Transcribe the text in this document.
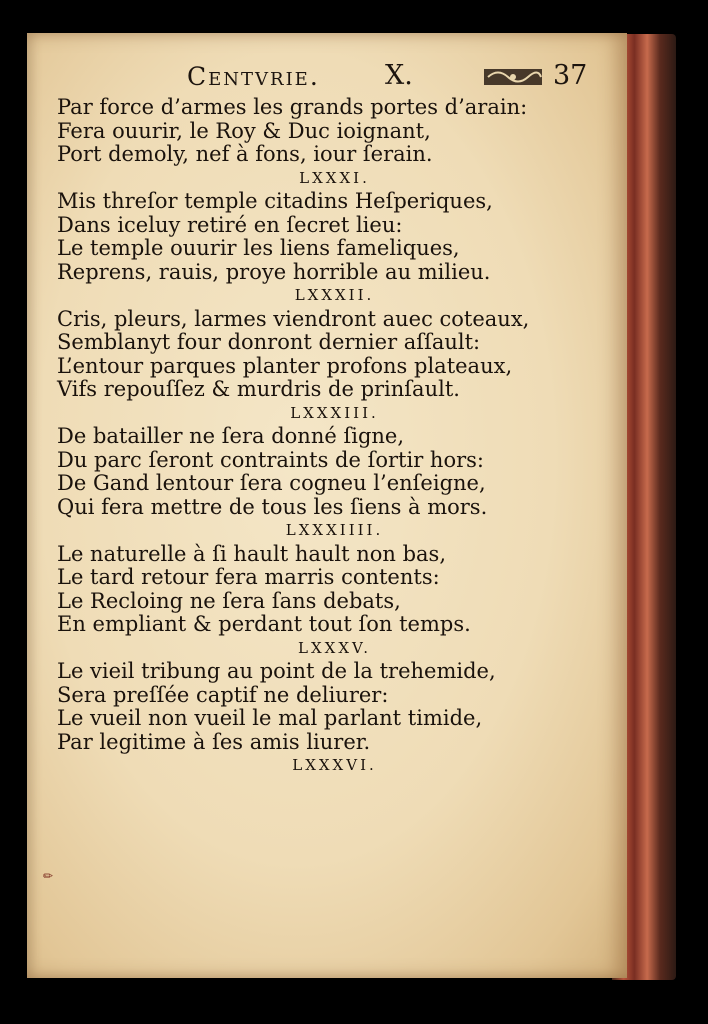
Centvrie. X.	37
Par force d’armes les grands portes d’arain:
Fera ouurir, le Roy & Duc ioignant,
Port demoly, nef à fons, iour ſerain.
LXXXI.
Mis threſor temple citadins Heſperiques,
Dans iceluy retiré en ſecret lieu:
Le temple ouurir les liens fameliques,
Reprens, rauis, proye horrible au milieu.
LXXXII.
Cris, pleurs, larmes viendront auec coteaux,
Semblanyt four donront dernier aſſault:
L’entour parques planter profons plateaux,
Vifs repouſſez & murdris de prinſault.
LXXXIII.
De batailler ne ſera donné ſigne,
Du parc ſeront contraints de ſortir hors:
De Gand lentour ſera cogneu l’enſeigne,
Qui fera mettre de tous les ſiens à mors.
LXXXIIII.
Le naturelle à ſi hault hault non bas,
Le tard retour fera marris contents:
Le Recloing ne ſera ſans debats,
En empliant & perdant tout ſon temps.
LXXXV.
Le vieil tribung au point de la trehemide,
Sera preſſée captif ne deliurer:
Le vueil non vueil le mal parlant timide,
Par legitime à ſes amis liurer.
LXXXVI.
✏
